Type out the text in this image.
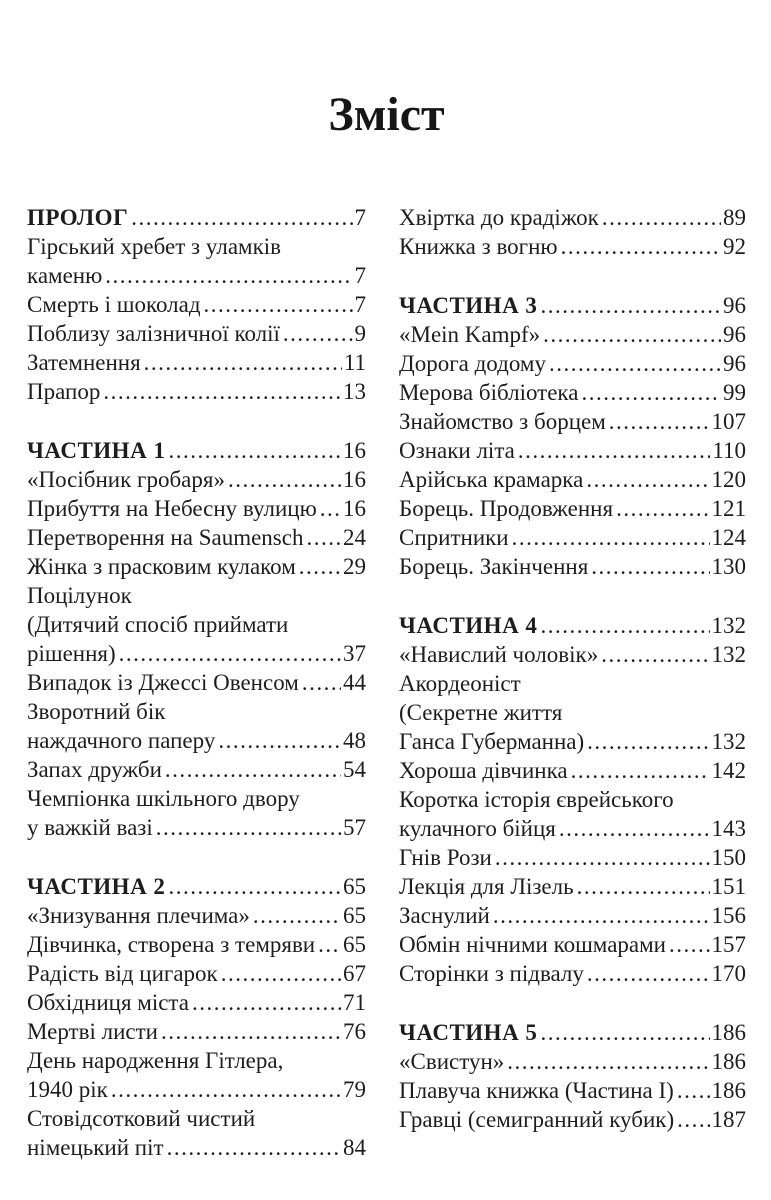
Зміст
ПРОЛОГ .....	7
Гірський хребет з уламків
каменю .....	7
Смерть і шоколад .....	7
Поблизу залізничної колії .....	9
Затемнення .....	11
Прапор .....	13
ЧАСТИНА 1 .....	16
«Посібник гробаря» .....	16
Прибуття на Небесну вулицю ..... 16
Перетворення на Saumensch ..... 24
Жінка з прасковим кулаком ..... 29
Поцілунок
(Дитячий спосіб приймати
рішення) .....	37
Випадок із Джессі Овенсом ..... 44
Зворотний бік
наждачного паперу .....	48
Запах дружби .....	54
Чемпіонка шкільного двору
у важкій вазі .....	57
ЧАСТИНА 2 .....	65
«Знизування плечима» .....	65
Дівчинка, створена з темряви ..... 65
Радість від цигарок .....	67
Обхідниця міста .....	71
Мертві листи .....	76
День народження Гітлера,
1940 рік .....	79
Стовідсотковий чистий
німецький піт .....	84
Хвіртка до крадіжок .....	89
Книжка з вогню .....	92
ЧАСТИНА 3 .....	96
«Mein Kampf» .....	96
Дорога додому .....	96
Мерова бібліотека .....	99
Знайомство з борцем .....	107
Ознаки літа .....	110
Арійська крамарка .....	120
Борець. Продовження .....	121
Спритники .....	124
Борець. Закінчення .....	130
ЧАСТИНА 4 .....	132
«Навислий чоловік» .....	132
Акордеоніст
(Секретне життя
Ганса Губерманна) .....	132
Хороша дівчинка .....	142
Коротка історія єврейського
кулачного бійця .....	143
Гнів Рози .....	150
Лекція для Лізель .....	151
Заснулий .....	156
Обмін нічними кошмарами ..... 157
Сторінки з підвалу .....	170
ЧАСТИНА 5 .....	186
«Свистун» .....	186
Плавуча книжка (Частина І) ..... 186
Гравці (семигранний кубик) ..... 187
